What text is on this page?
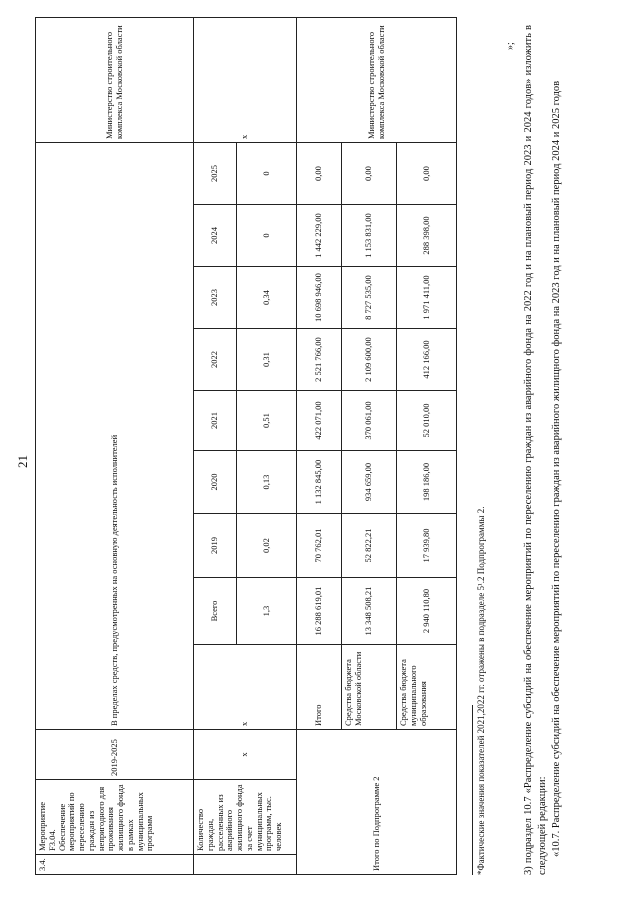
21
3.4.	Мероприятие F3.04. Обеспечение мероприятий по переселению граждан из непригодного для проживания жилищного фонда в рамках муниципальных программ	2019-2025	В пределах средств, предусмотренных на основную деятельность исполнителей									Министерство строительного комплекса Московской области
	Количество граждан, расселенных из аварийного жилищного фонда за счет муниципальных программ, тыс. человек	x	x	Всего	2019	2020	2021	2022	2023	2024	2025	x
				1,3	0,02	0,13	0,51	0,31	0,34	0	0	
Итого по Подпрограмме 2			Итого	16 288 619,01	70 762,01	1 132 845,00	422 071,00	2 521 766,00	10 698 946,00	1 442 229,00	0,00	Министерство строительного комплекса Московской области
			Средства бюджета Московской области	13 348 508,21	52 822,21	934 659,00	370 061,00	2 109 600,00	8 727 535,00	1 153 831,00	0,00	
			Средства бюджета муниципального образования	2 940 110,80	17 939,80	198 186,00	52 010,00	412 166,00	1 971 411,00	288 398,00	0,00	
*Фактические значения показателей 2021,2022 гг. отражены в подразделе 5¹.2 Подпрограммы 2.
»; 3) подраздел 10.7 «Распределение субсидий на обеспечение мероприятий по переселению граждан из аварийного фонда на 2022 год и на плановый период 2023 и 2024 годов» изложить в следующей редакции: «10.7. Распределение субсидий на обеспечение мероприятий по переселению граждан из аварийного жилищного фонда на 2023 год и на плановый период 2024 и 2025 годов
